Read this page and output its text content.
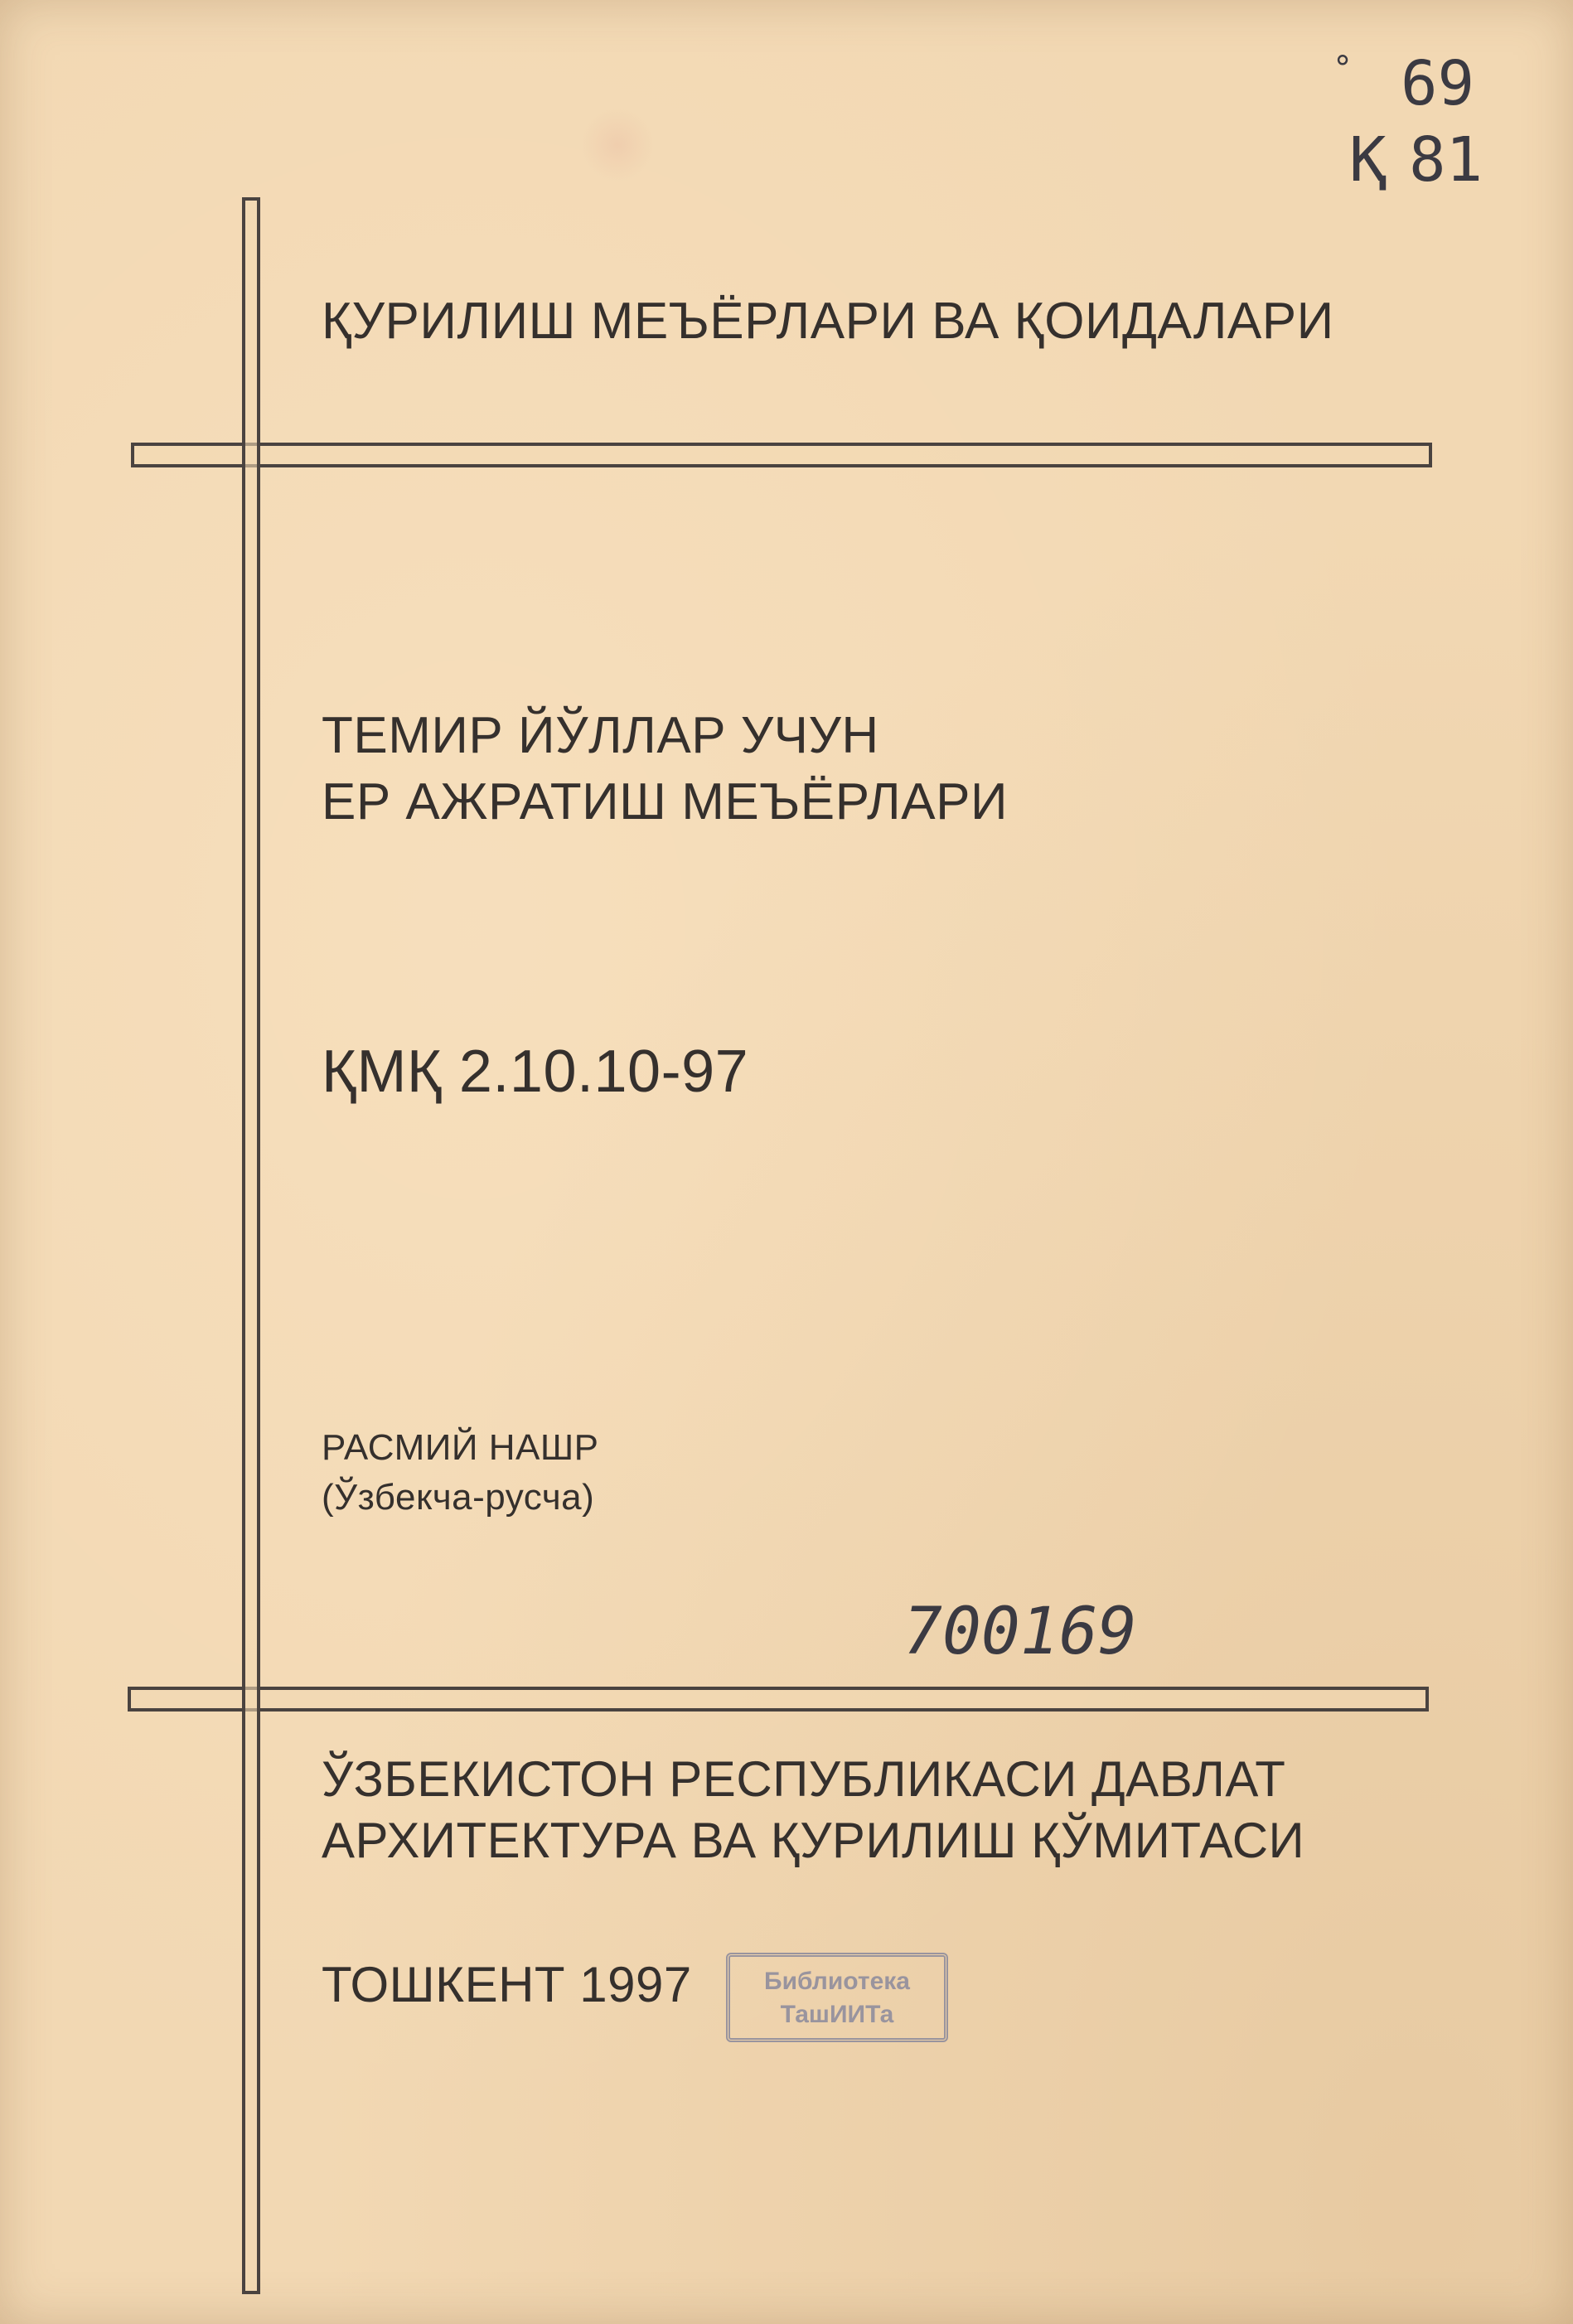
° 69
Қ 81
ҚУРИЛИШ МЕЪЁРЛАРИ ВА ҚОИДАЛАРИ
ТЕМИР ЙЎЛЛАР УЧУН
ЕР АЖРАТИШ МЕЪЁРЛАРИ
ҚМҚ 2.10.10-97
РАСМИЙ НАШР
(Ўзбекча-русча)
700169
ЎЗБЕКИСТОН РЕСПУБЛИКАСИ ДАВЛАТ
АРХИТЕКТУРА ВА ҚУРИЛИШ ҚЎМИТАСИ
ТОШКЕНТ 1997	Библиотека
ТашИИТа
